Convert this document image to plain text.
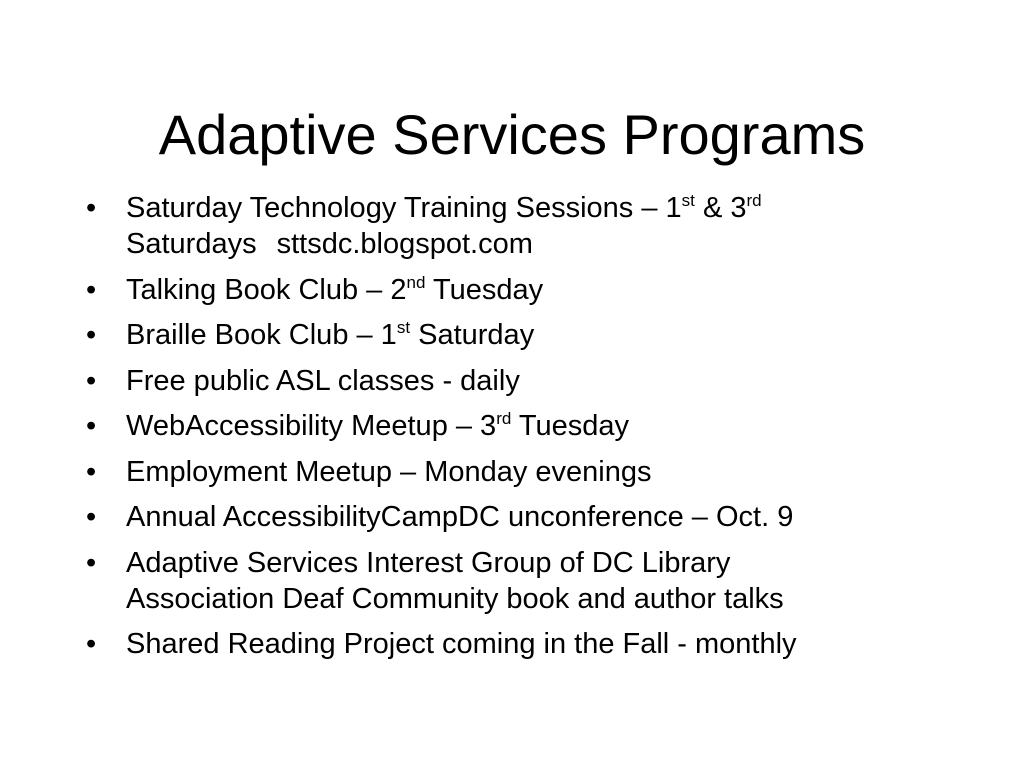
Adaptive Services Programs
• Saturday Technology Training Sessions – 1st & 3rd
Saturdays sttsdc.blogspot.com
• Talking Book Club – 2nd Tuesday
• Braille Book Club – 1st Saturday
• Free public ASL classes - daily
• WebAccessibility Meetup – 3rd Tuesday
• Employment Meetup – Monday evenings
• Annual AccessibilityCampDC unconference – Oct. 9
• Adaptive Services Interest Group of DC Library
Association Deaf Community book and author talks
• Shared Reading Project coming in the Fall - monthly
